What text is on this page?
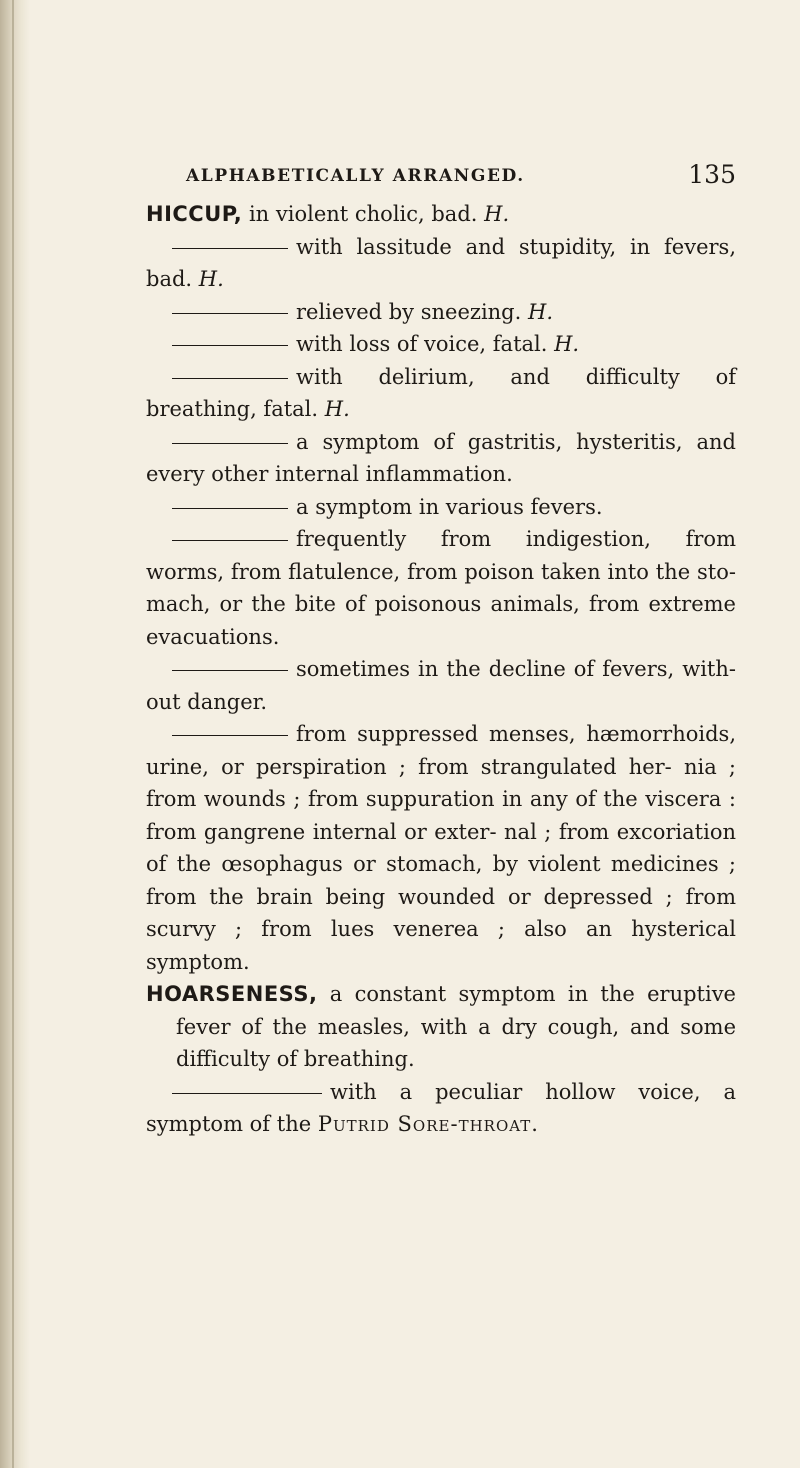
ALPHABETICALLY ARRANGED.	135

HICCUP, in violent cholic, bad. H.

with lassitude and stupidity, in fevers, bad. H.

relieved by sneezing. H.

with loss of voice, fatal. H.

with delirium, and difficulty of breathing, fatal. H.

a symptom of gastritis, hysteritis, and every other internal inflammation.

a symptom in various fevers.

frequently from indigestion, from worms, from flatulence, from poison taken into the sto- mach, or the bite of poisonous animals, from extreme evacuations.

sometimes in the decline of fevers, with- out danger.

from suppressed menses, hæmorrhoids, urine, or perspiration ; from strangulated her- nia ; from wounds ; from suppuration in any of the viscera : from gangrene internal or exter- nal ; from excoriation of the œsophagus or stomach, by violent medicines ; from the brain being wounded or depressed ; from scurvy ; from lues venerea ; also an hysterical symptom.

HOARSENESS, a constant symptom in the eruptive fever of the measles, with a dry cough, and some difficulty of breathing.

with a peculiar hollow voice, a symptom of the Putrid Sore-throat.
